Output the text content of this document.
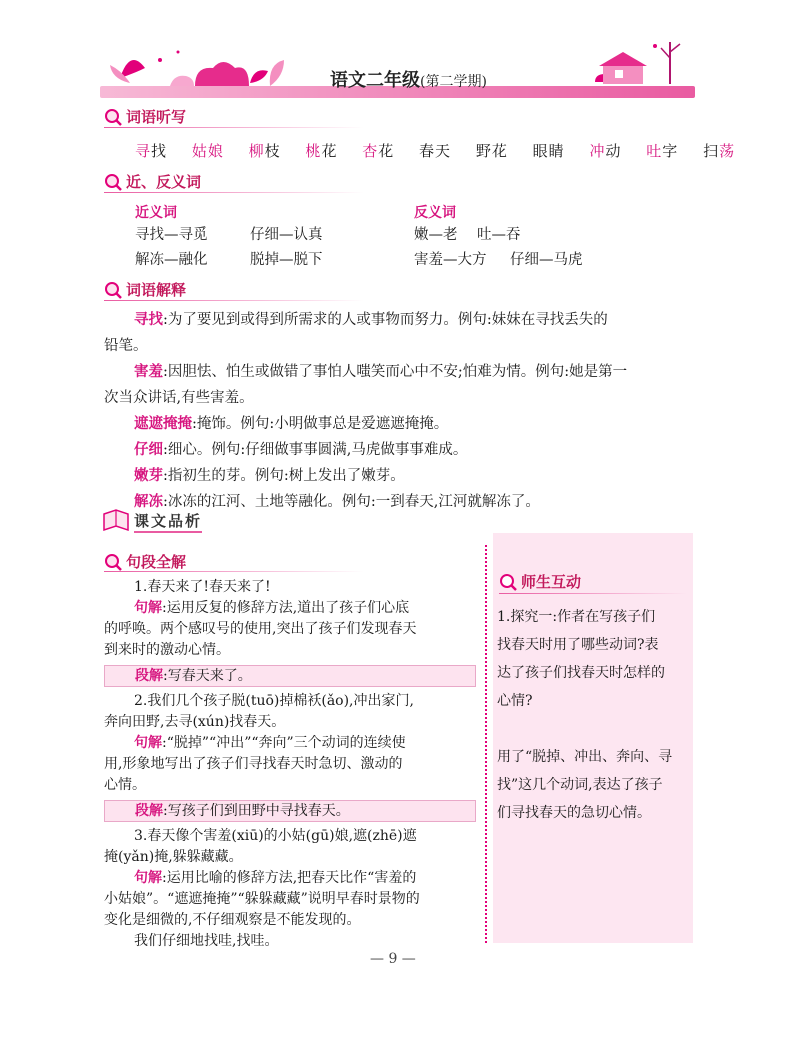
语文二年级(第二学期)
词语听写
寻找 姑娘 柳枝 桃花 杏花 春天 野花 眼睛 冲动 吐字 扫荡
近、反义词
近义词
寻找—寻觅	仔细—认真
解冻—融化	脱掉—脱下
反义词
嫩—老 吐—吞
害羞—大方 仔细—马虎
词语解释

寻找:为了要见到或得到所需求的人或事物而努力。例句:妹妹在寻找丢失的

铅笔。

害羞:因胆怯、怕生或做错了事怕人嗤笑而心中不安;怕难为情。例句:她是第一

次当众讲话,有些害羞。

遮遮掩掩:掩饰。例句:小明做事总是爱遮遮掩掩。

仔细:细心。例句:仔细做事事圆满,马虎做事事难成。

嫩芽:指初生的芽。例句:树上发出了嫩芽。

解冻:冰冻的江河、土地等融化。例句:一到春天,江河就解冻了。

课文品析
句段全解

1.春天来了!春天来了!

句解:运用反复的修辞方法,道出了孩子们心底

的呼唤。两个感叹号的使用,突出了孩子们发现春天

到来时的激动心情。

段解:写春天来了。

2.我们几个孩子脱(tuō)掉棉袄(ǎo),冲出家门,

奔向田野,去寻(xún)找春天。

句解:“脱掉”“冲出”“奔向”三个动词的连续使

用,形象地写出了孩子们寻找春天时急切、激动的

心情。

段解:写孩子们到田野中寻找春天。

3.春天像个害羞(xiū)的小姑(gū)娘,遮(zhē)遮

掩(yǎn)掩,躲躲藏藏。

句解:运用比喻的修辞方法,把春天比作“害羞的

小姑娘”。“遮遮掩掩”“躲躲藏藏”说明早春时景物的

变化是细微的,不仔细观察是不能发现的。

我们仔细地找哇,找哇。

师生互动

1.探究一:作者在写孩子们

找春天时用了哪些动词?表

达了孩子们找春天时怎样的

心情?

用了“脱掉、冲出、奔向、寻

找”这几个动词,表达了孩子

们寻找春天的急切心情。

— 9 —
